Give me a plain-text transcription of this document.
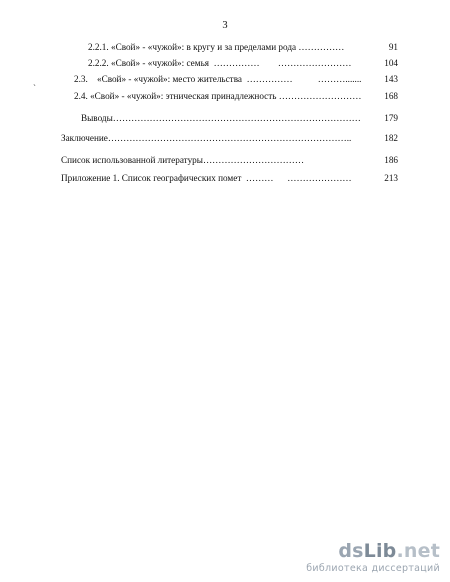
3
`
2.2.1. «Свой» - «чужой»: в кругу и за пределами рода ……………	91
2.2.2. «Свой» - «чужой»: семья  ……………        ……………………	104
2.3.    «Свой» - «чужой»: место жительства  ……………           ………....... 143
2.4. «Свой» - «чужой»: этническая принадлежность ……………………… 168
Выводы………………………………………………………………………	179
Заключение……………………………………………………………………..	182
Список использованной литературы……………………………	186
Приложение 1. Список географических помет  ………      …………………	213
dsLib.net
библиотека диссертаций
